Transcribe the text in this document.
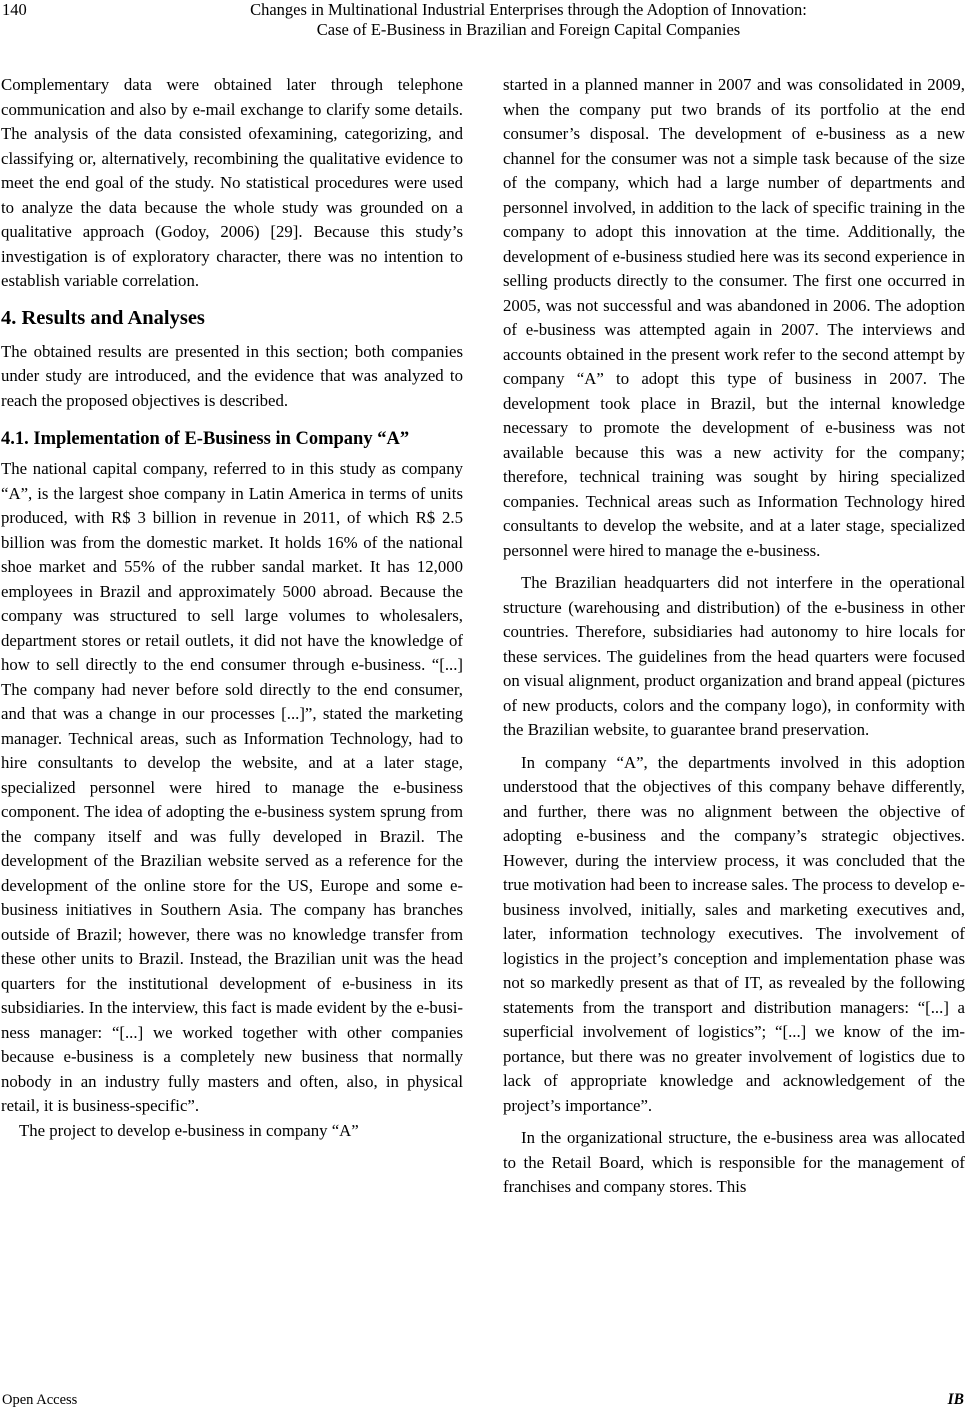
140	Changes in Multinational Industrial Enterprises through the Adoption of Innovation:
Case of E-Business in Brazilian and Foreign Capital Companies

Complementary data were obtained later through telephone communication and also by e-mail exchange to clarify some details. The analysis of the data consisted ofexamining, categorizing, and classifying or, alternatively, recombining the qualitative evidence to meet the end goal of the study. No statistical procedures were used to analyze the data because the whole study was grounded on a qualitative approach (Godoy, 2006) [29]. Because this study’s investigation is of exploratory character, there was no intention to establish variable correlation.

4. Results and Analyses

The obtained results are presented in this section; both companies under study are introduced, and the evidence that was analyzed to reach the proposed objectives is described.

4.1. Implementation of E-Business in Company “A”

The national capital company, referred to in this study as company “A”, is the largest shoe company in Latin America in terms of units produced, with R$ 3 billion in revenue in 2011, of which R$ 2.5 billion was from the domestic market. It holds 16% of the national shoe market and 55% of the rubber sandal market. It has 12,000 employees in Brazil and approximately 5000 abroad. Because the company was structured to sell large volumes to wholesalers, department stores or retail outlets, it did not have the knowledge of how to sell directly to the end consumer through e-business. “[...] The company had never before sold directly to the end consumer, and that was a change in our processes [...]”, stated the marketing manager. Technical areas, such as Information Technology, had to hire consultants to develop the website, and at a later stage, specialized personnel were hired to manage the e-business component. The idea of adopting the e-business system sprung from the company itself and was fully developed in Brazil. The development of the Brazilian website served as a reference for the development of the online store for the US, Europe and some e-business initiatives in Southern Asia. The company has branches outside of Brazil; however, there was no knowledge transfer from these other units to Brazil. Instead, the Brazilian unit was the head quarters for the institutional development of e-business in its subsidiaries. In the interview, this fact is made evident by the e-business manager: “[...] we worked together with other companies because e-business is a completely new business that normally nobody in an industry fully masters and often, also, in physical retail, it is business-specific”.

The project to develop e-business in company “A”

started in a planned manner in 2007 and was consolidated in 2009, when the company put two brands of its portfolio at the end consumer’s disposal. The development of e-business as a new channel for the consumer was not a simple task because of the size of the company, which had a large number of departments and personnel involved, in addition to the lack of specific training in the company to adopt this innovation at the time. Additionally, the development of e-business studied here was its second experience in selling products directly to the consumer. The first one occurred in 2005, was not successful and was abandoned in 2006. The adoption of e-business was attempted again in 2007. The interviews and accounts obtained in the present work refer to the second attempt by company “A” to adopt this type of business in 2007. The development took place in Brazil, but the internal knowledge necessary to promote the development of e-business was not available because this was a new activity for the company; therefore, technical training was sought by hiring specialized companies. Technical areas such as Information Technology hired consultants to develop the website, and at a later stage, specialized personnel were hired to manage the e-business.

The Brazilian headquarters did not interfere in the operational structure (warehousing and distribution) of the e-business in other countries. Therefore, subsidiaries had autonomy to hire locals for these services. The guidelines from the head quarters were focused on visual alignment, product organization and brand appeal (pictures of new products, colors and the company logo), in conformity with the Brazilian website, to guarantee brand preservation.

In company “A”, the departments involved in this adoption understood that the objectives of this company behave differently, and further, there was no alignment between the objective of adopting e-business and the company’s strategic objectives. However, during the interview process, it was concluded that the true motivation had been to increase sales. The process to develop e-business involved, initially, sales and marketing executives and, later, information technology executives. The involvement of logistics in the project’s conception and implementation phase was not so markedly present as that of IT, as revealed by the following statements from the transport and distribution managers: “[...] a superficial involvement of logistics”; “[...] we know of the importance, but there was no greater involvement of logistics due to lack of appropriate knowledge and acknowledgement of the project’s importance”.

In the organizational structure, the e-business area was allocated to the Retail Board, which is responsible for the management of franchises and company stores. This

Open Access	IB
